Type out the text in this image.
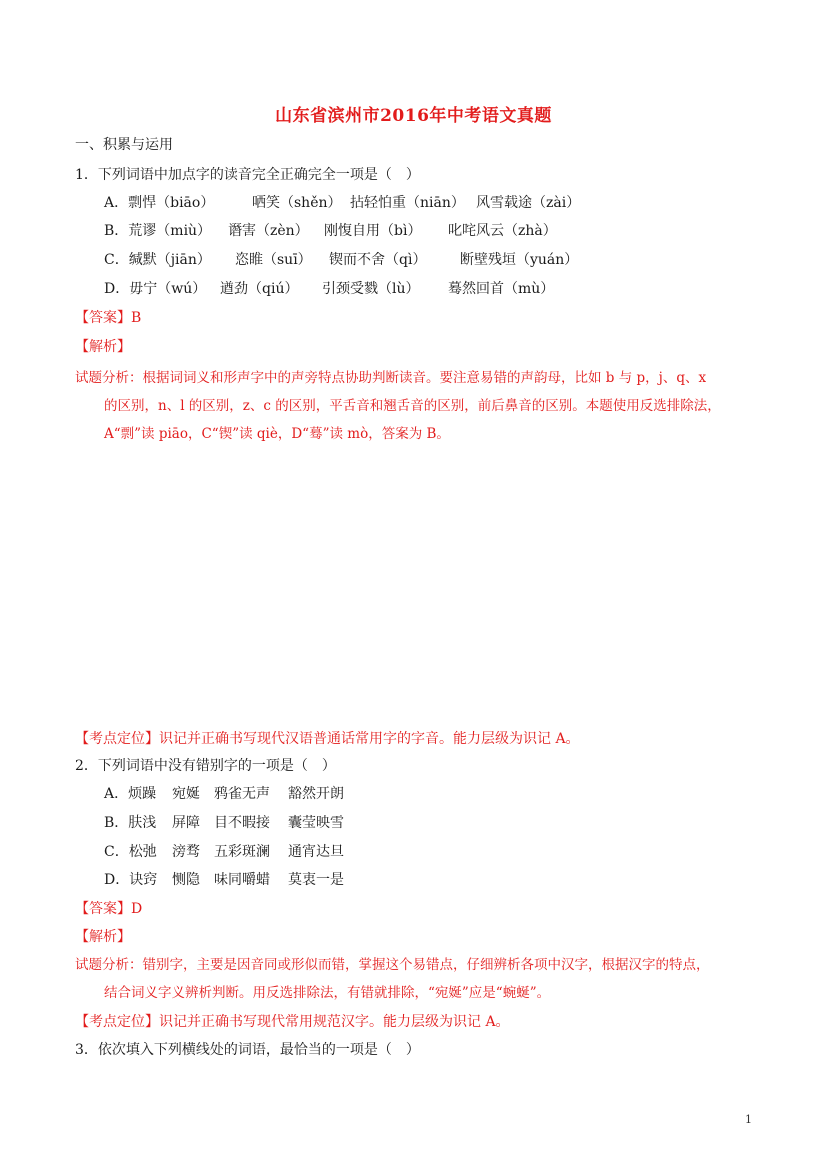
山东省滨州市2016年中考语文真题
一、积累与运用
1．下列词语中加点字的读音完全正确完全一项是（　）
A．剽悍（biāo）	哂笑（shěn） 拈轻怕重（niān） 风雪载途（zài）
B．荒谬（miù） 谮害（zèn） 刚愎自用（bì） 叱咤风云（zhà）
C．缄默（jiān） 恣睢（suī） 锲而不舍（qì） 断壁残垣（yuán）
D．毋宁（wú） 遒劲（qiú） 引颈受戮（lù） 蓦然回首（mù）
【答案】B
【解析】
试题分析：根据词词义和形声字中的声旁特点协助判断读音。要注意易错的声韵母，比如 b 与 p，j、q、x
的区别，n、l 的区别，z、c 的区别，平舌音和翘舌音的区别，前后鼻音的区别。本题使用反选排除法，
A“剽”读 piāo，C“锲”读 qiè，D“蓦”读 mò，答案为 B。
【考点定位】识记并正确书写现代汉语普通话常用字的字音。能力层级为识记 A。
2．下列词语中没有错别字的一项是（　）
A．烦躁 宛娫 鸦雀无声 豁然开朗
B．肤浅 屏障 目不暇接 囊莹映雪
C．松弛 滂骛 五彩斑澜 通宵达旦
D．诀窍 恻隐 味同嚼蜡 莫衷一是
【答案】D
【解析】
试题分析：错别字，主要是因音同或形似而错，掌握这个易错点，仔细辨析各项中汉字，根据汉字的特点，
结合词义字义辨析判断。用反选排除法，有错就排除，“宛娫”应是“蜿蜒”。
【考点定位】识记并正确书写现代常用规范汉字。能力层级为识记 A。
3．依次填入下列横线处的词语，最恰当的一项是（　）
1
